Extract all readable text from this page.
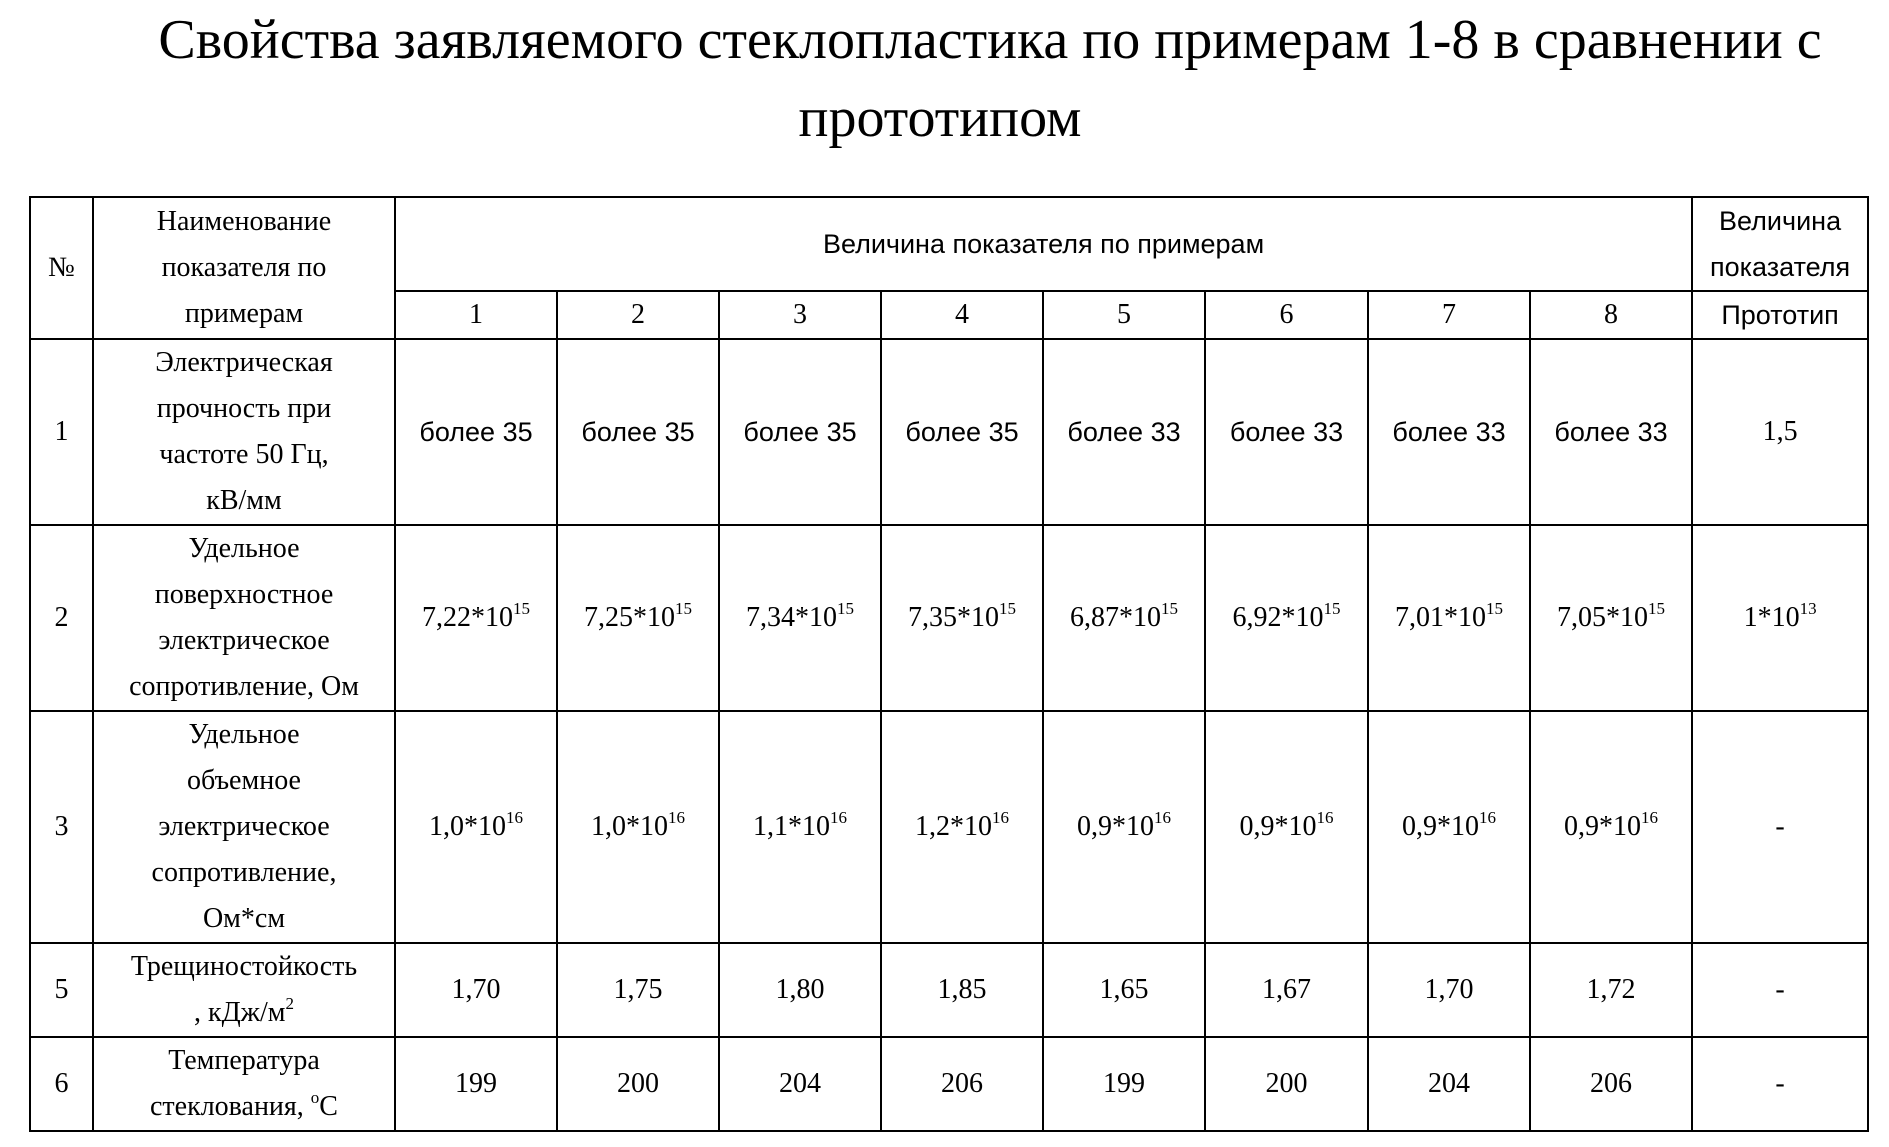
Свойства заявляемого стеклопластика по примерам 1-8 в сравнении с
прототипом
№	Наименование
показателя по
примерам	Величина показателя по примерам	Величина
показателя
1	2	3	4	5	6	7	8	Прототип
1	Электрическая
прочность при
частоте 50 Гц,
кВ/мм	более 35	более 35	более 35	более 35	более 33	более 33	более 33	более 33	1,5
2	Удельное
поверхностное
электрическое
сопротивление, Ом	7,22*1015	7,25*1015	7,34*1015	7,35*1015	6,87*1015	6,92*1015	7,01*1015	7,05*1015	1*1013
3	Удельное
объемное
электрическое
сопротивление,
Ом*см	1,0*1016	1,0*1016	1,1*1016	1,2*1016	0,9*1016	0,9*1016	0,9*1016	0,9*1016	-
5	Трещиностойкость
, кДж/м2	1,70	1,75	1,80	1,85	1,65	1,67	1,70	1,72	-
6	Температура
стеклования, oС	199	200	204	206	199	200	204	206	-
